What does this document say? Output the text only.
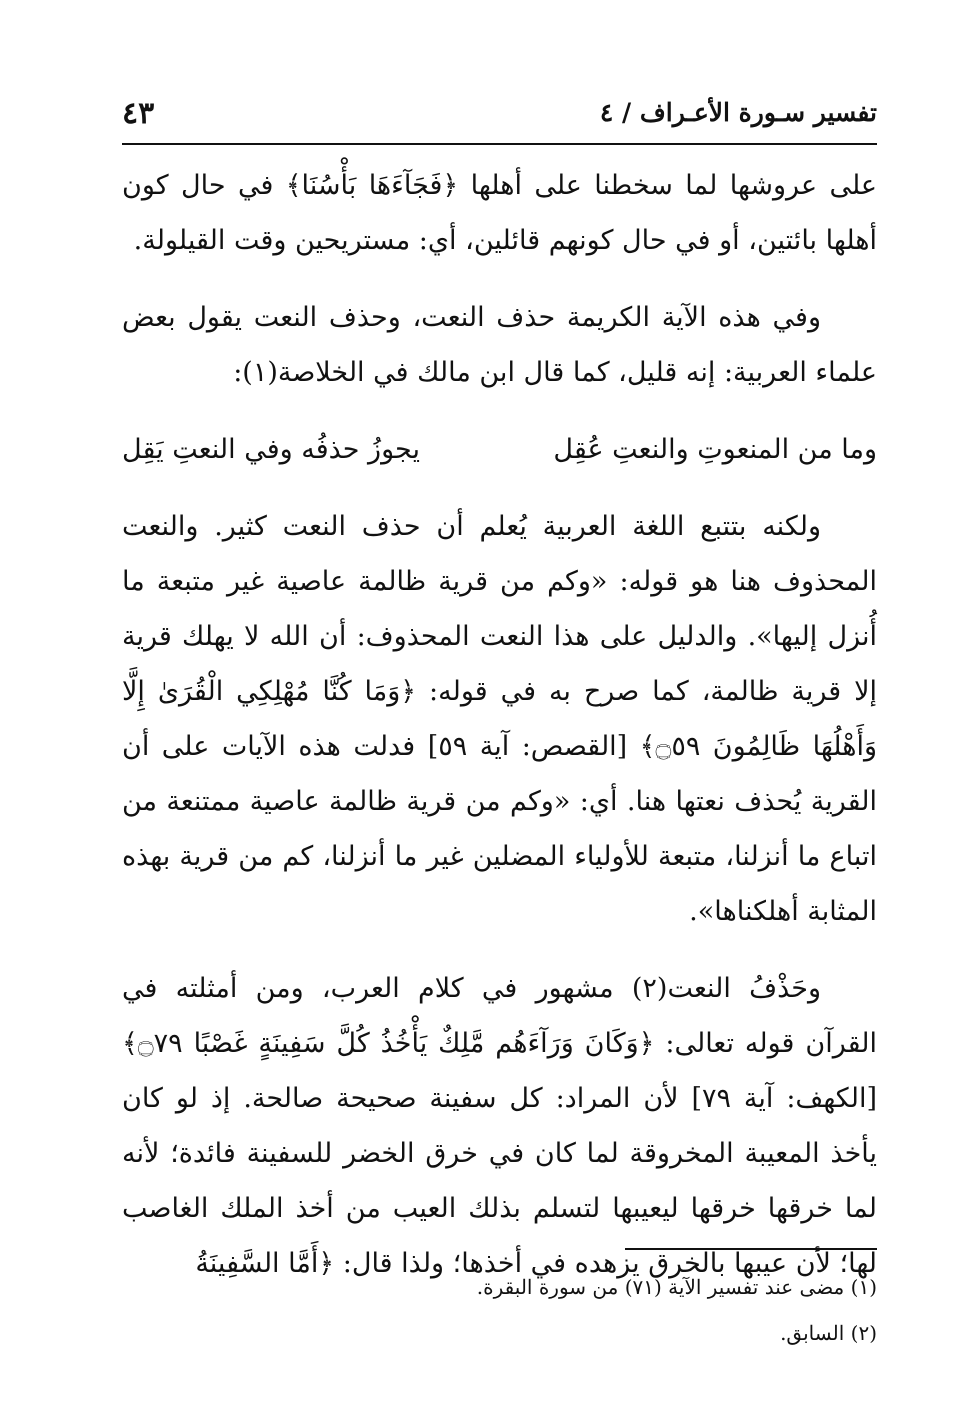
تفسير سـورة الأعـراف / ٤
٤٣

على عروشها لما سخطنا على أهلها ﴿فَجَآءَهَا بَأْسُنَا﴾ في حال كون أهلها بائتين، أو في حال كونهم قائلين، أي: مستريحين وقت القيلولة.

وفي هذه الآية الكريمة حذف النعت، وحذف النعت يقول بعض علماء العربية: إنه قليل، كما قال ابن مالك في الخلاصة(١):

وما من المنعوتِ والنعتِ عُقِل
يجوزُ حذفُه وفي النعتِ يَقِل

ولكنه بتتبع اللغة العربية يُعلم أن حذف النعت كثير. والنعت المحذوف هنا هو قوله: «وكم من قرية ظالمة عاصية غير متبعة ما أُنزل إليها». والدليل على هذا النعت المحذوف: أن الله لا يهلك قرية إلا قرية ظالمة، كما صرح به في قوله: ﴿وَمَا كُنَّا مُهْلِكِي الْقُرَىٰ إِلَّا وَأَهْلُهَا ظَالِمُونَ ۝٥٩﴾ [القصص: آية ٥٩] فدلت هذه الآيات على أن القرية يُحذف نعتها هنا. أي: «وكم من قرية ظالمة عاصية ممتنعة من اتباع ما أنزلنا، متبعة للأولياء المضلين غير ما أنزلنا، كم من قرية بهذه المثابة أهلكناها».

وحَذْفُ النعت(٢) مشهور في كلام العرب، ومن أمثلته في القرآن قوله تعالى: ﴿وَكَانَ وَرَآءَهُم مَّلِكٌ يَأْخُذُ كُلَّ سَفِينَةٍ غَصْبًا ۝٧٩﴾ [الكهف: آية ٧٩] لأن المراد: كل سفينة صحيحة صالحة. إذ لو كان يأخذ المعيبة المخروقة لما كان في خرق الخضر للسفينة فائدة؛ لأنه لما خرقها خرقها ليعيبها لتسلم بذلك العيب من أخذ الملك الغاصب لها؛ لأن عيبها بالخرق يزهده في أخذها؛ ولذا قال: ﴿أَمَّا السَّفِينَةُ

(١) مضى عند تفسير الآية (٧١) من سورة البقرة.

(٢) السابق.
